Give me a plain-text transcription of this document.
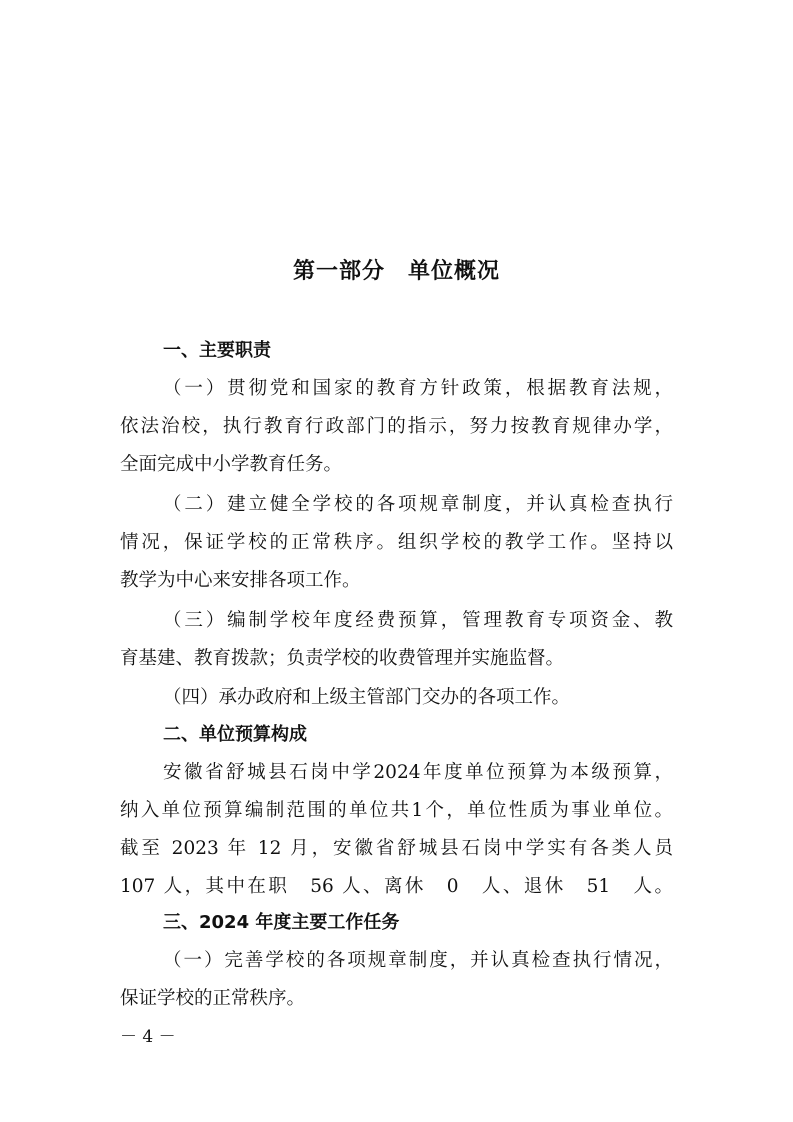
第一部分　单位概况
一、主要职责
（一）贯彻党和国家的教育方针政策，根据教育法规，
依法治校，执行教育行政部门的指示，努力按教育规律办学，
全面完成中小学教育任务。
（二）建立健全学校的各项规章制度，并认真检查执行
情况，保证学校的正常秩序。组织学校的教学工作。坚持以
教学为中心来安排各项工作。
（三）编制学校年度经费预算，管理教育专项资金、教
育基建、教育拨款；负责学校的收费管理并实施监督。
（四）承办政府和上级主管部门交办的各项工作。
二、单位预算构成
安徽省舒城县石岗中学2024年度单位预算为本级预算，
纳入单位预算编制范围的单位共1个，单位性质为事业单位。
截至 2023 年 12 月，安徽省舒城县石岗中学实有各类人员
107 人，其中在职　56 人、离休　0　人、退休　51　人。
三、2024 年度主要工作任务
（一）完善学校的各项规章制度，并认真检查执行情况，
保证学校的正常秩序。
－ 4 －
